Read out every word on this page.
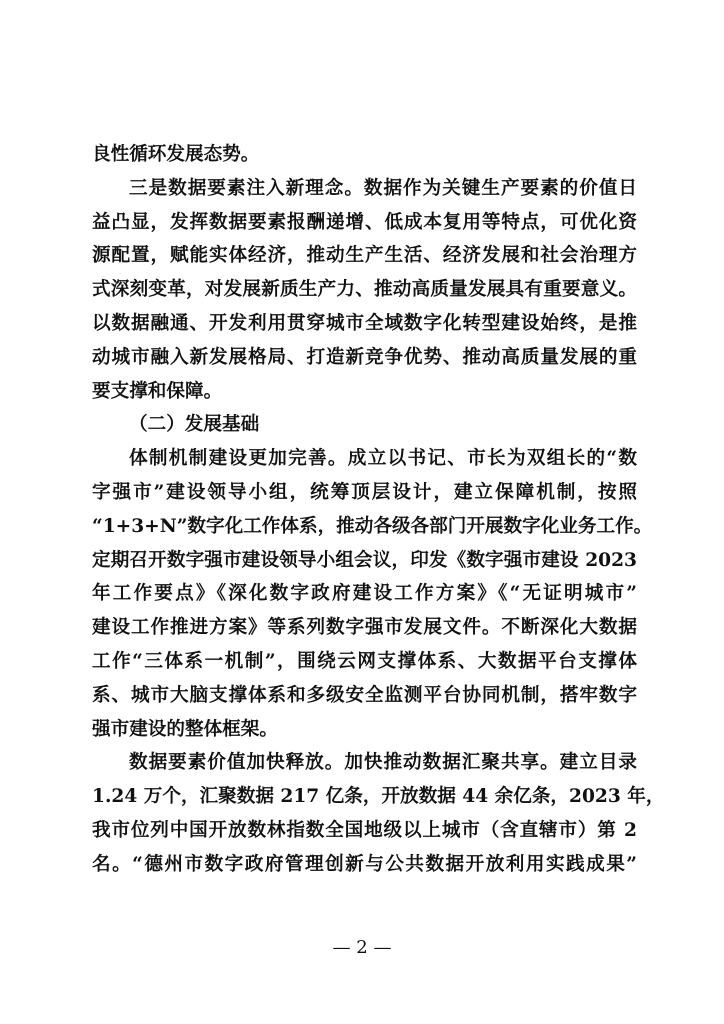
良性循环发展态势。
三是数据要素注入新理念。数据作为关键生产要素的价值日
益凸显，发挥数据要素报酬递增、低成本复用等特点，可优化资
源配置，赋能实体经济，推动生产生活、经济发展和社会治理方
式深刻变革，对发展新质生产力、推动高质量发展具有重要意义。
以数据融通、开发利用贯穿城市全域数字化转型建设始终，是推
动城市融入新发展格局、打造新竞争优势、推动高质量发展的重
要支撑和保障。
（二）发展基础
体制机制建设更加完善。成立以书记、市长为双组长的“数
字强市”建设领导小组，统筹顶层设计，建立保障机制，按照
“1+3+N”数字化工作体系，推动各级各部门开展数字化业务工作。
定期召开数字强市建设领导小组会议，印发《数字强市建设 2023
年工作要点》《深化数字政府建设工作方案》《“无证明城市”
建设工作推进方案》等系列数字强市发展文件。不断深化大数据
工作“三体系一机制”，围绕云网支撑体系、大数据平台支撑体
系、城市大脑支撑体系和多级安全监测平台协同机制，搭牢数字
强市建设的整体框架。
数据要素价值加快释放。加快推动数据汇聚共享。建立目录
1.24 万个，汇聚数据 217 亿条，开放数据 44 余亿条，2023 年，
我市位列中国开放数林指数全国地级以上城市（含直辖市）第 2
名。“德州市数字政府管理创新与公共数据开放利用实践成果”
— 2 —
